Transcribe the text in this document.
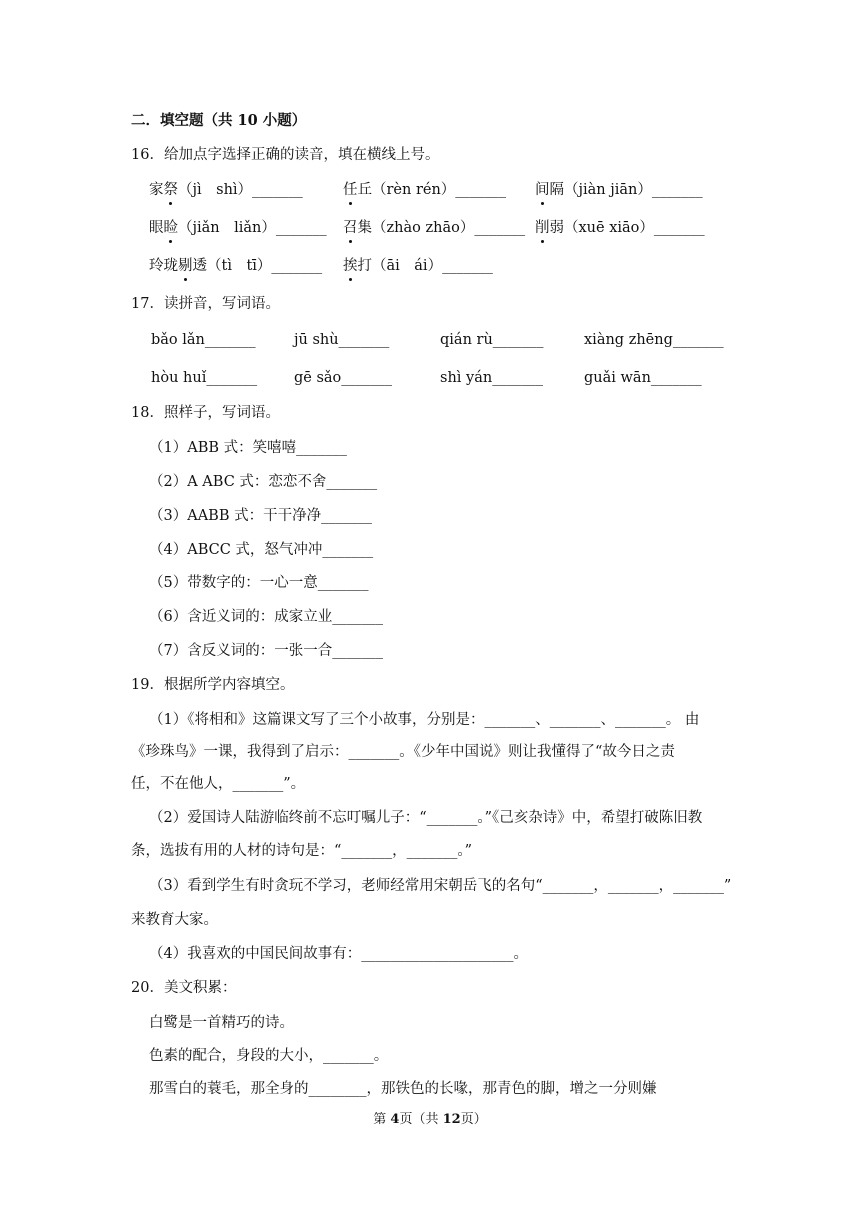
二．填空题（共 10 小题）
16．给加点字选择正确的读音，填在横线上号。
家祭（jì　shì）_______	任丘（rèn rén）_______ 间隔（jiàn jiān）_______
眼睑（jiǎn　liǎn）_______ 召集（zhào zhāo）_______ 削弱（xuē xiāo）_______
玲珑剔透（tì　tī）_______ 挨打（āi　ái）_______
17．读拼音，写词语。
bǎo lǎn_______	jū shù_______	qián rù_______	xiàng zhēng_______
hòu huǐ_______	gē sǎo_______	shì yán_______	guǎi wān_______
18．照样子，写词语。
（1）ABB 式：笑嘻嘻_______
（2）A ABC 式：恋恋不舍_______
（3）AABB 式：干干净净_______
（4）ABCC 式，怒气冲冲_______
（5）带数字的：一心一意_______
（6）含近义词的：成家立业_______
（7）含反义词的：一张一合_______
19．根据所学内容填空。
（1）《将相和》这篇课文写了三个小故事，分别是：_______、_______、_______。 由
《珍珠鸟》一课，我得到了启示：_______。《少年中国说》则让我懂得了“故今日之责
任，不在他人，_______”。
（2）爱国诗人陆游临终前不忘叮嘱儿子：“_______。”《己亥杂诗》中，希望打破陈旧教
条，选拔有用的人材的诗句是：“_______，_______。”
（3）看到学生有时贪玩不学习，老师经常用宋朝岳飞的名句“_______，_______，_______”
来教育大家。
（4）我喜欢的中国民间故事有：_____________________。
20．美文积累：
白鹭是一首精巧的诗。
色素的配合，身段的大小，_______。
那雪白的蓑毛，那全身的________，那铁色的长喙，那青色的脚，增之一分则嫌
第 4页（共 12页）
